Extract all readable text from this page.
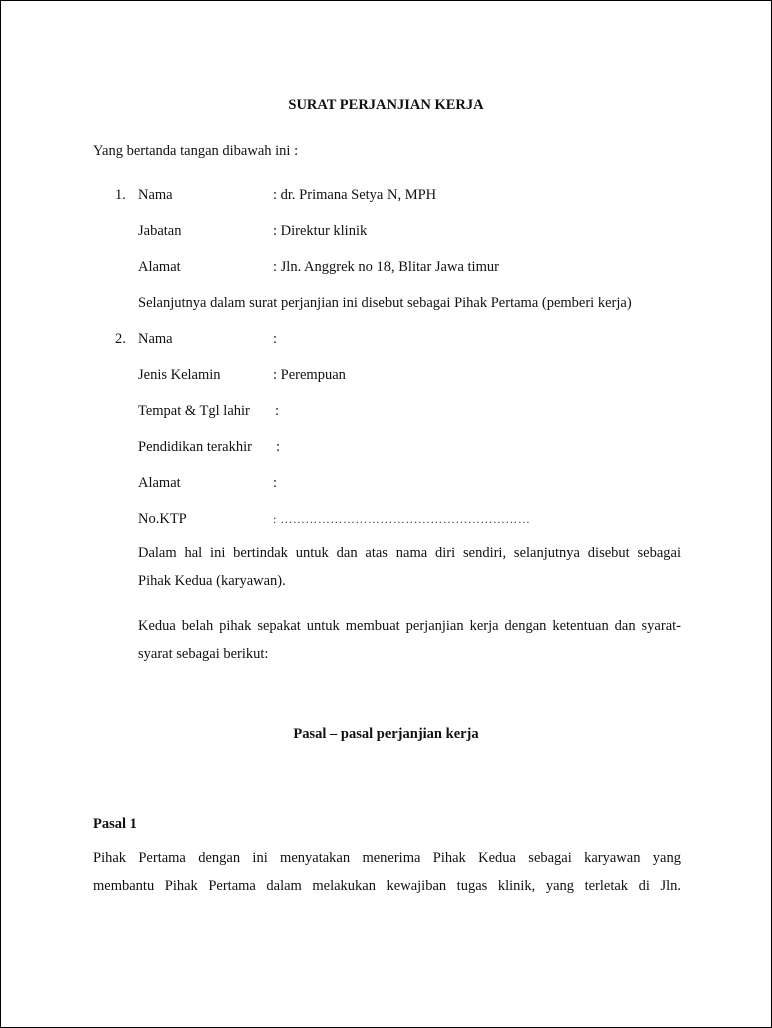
SURAT PERJANJIAN KERJA
Yang bertanda tangan dibawah ini :
1. Nama	: dr. Primana Setya N, MPH
Jabatan	: Direktur klinik
Alamat	: Jln. Anggrek no 18, Blitar Jawa timur
Selanjutnya dalam surat perjanjian ini disebut sebagai Pihak Pertama (pemberi kerja)
2. Nama	:
Jenis Kelamin	: Perempuan
Tempat & Tgl lahir :
Pendidikan terakhir :
Alamat	:
No.KTP	: ……………………………………………………
Dalam hal ini bertindak untuk dan atas nama diri sendiri, selanjutnya disebut sebagai
Pihak Kedua (karyawan).
Kedua belah pihak sepakat untuk membuat perjanjian kerja dengan ketentuan dan syarat-
syarat sebagai berikut:
Pasal – pasal perjanjian kerja
Pasal 1
Pihak Pertama dengan ini menyatakan menerima Pihak Kedua sebagai karyawan yang
membantu Pihak Pertama dalam melakukan kewajiban tugas klinik, yang terletak di Jln.
